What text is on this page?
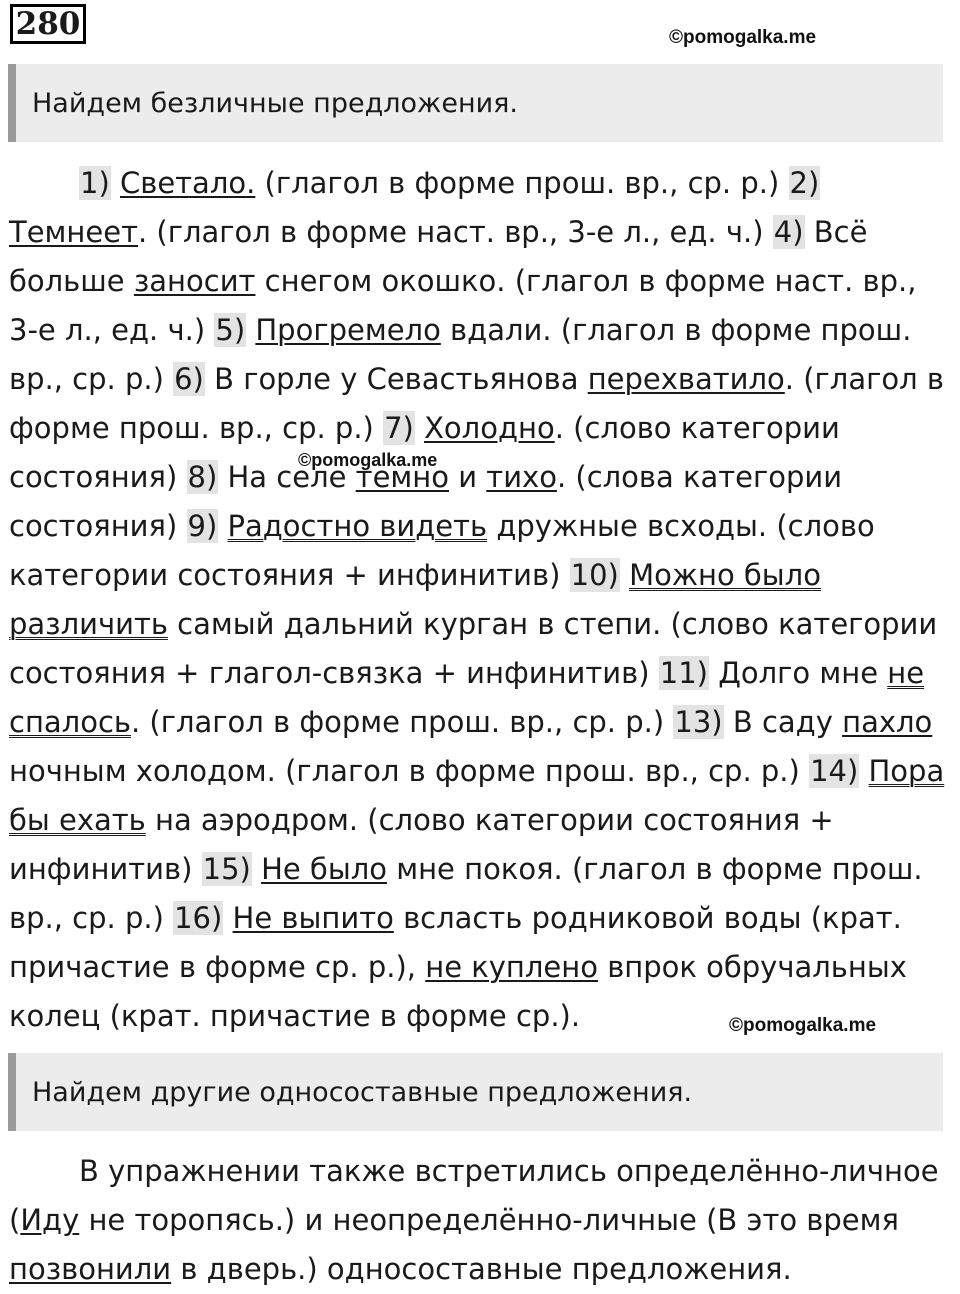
280	©pomogalka.me
Найдем безличные предложения.
1) Светало. (глагол в форме прош. вр., ср. р.) 2) Темнеет. (глагол в форме наст. вр., 3-е л., ед. ч.) 4) Всё больше заносит снегом окошко. (глагол в форме наст. вр., 3-е л., ед. ч.) 5) Прогремело вдали. (глагол в форме прош. вр., ср. р.) 6) В горле у Севастьянова перехватило. (глагол в форме прош. вр., ср. р.) 7) Холодно. (слово категории состояния) 8) На селе темно и тихо. (слова категории состояния) 9) Радостно видеть дружные всходы. (слово категории состояния + инфинитив) 10) Можно было различить самый дальний курган в степи. (слово категории состояния + глагол-связка + инфинитив) 11) Долго мне не спалось. (глагол в форме прош. вр., ср. р.) 13) В саду пахло ночным холодом. (глагол в форме прош. вр., ср. р.) 14) Пора бы ехать на аэродром. (слово категории состояния + инфинитив) 15) Не было мне покоя. (глагол в форме прош. вр., ср. р.) 16) Не выпито всласть родниковой воды (крат. причастие в форме ср. р.), не куплено впрок обручальных колец (крат. причастие в форме ср.).
©pomogalka.me
©pomogalka.me
Найдем другие односоставные предложения.
В упражнении также встретились определённо-личное (Иду не торопясь.) и неопределённо-личные (В это время позвонили в дверь.) односоставные предложения.
